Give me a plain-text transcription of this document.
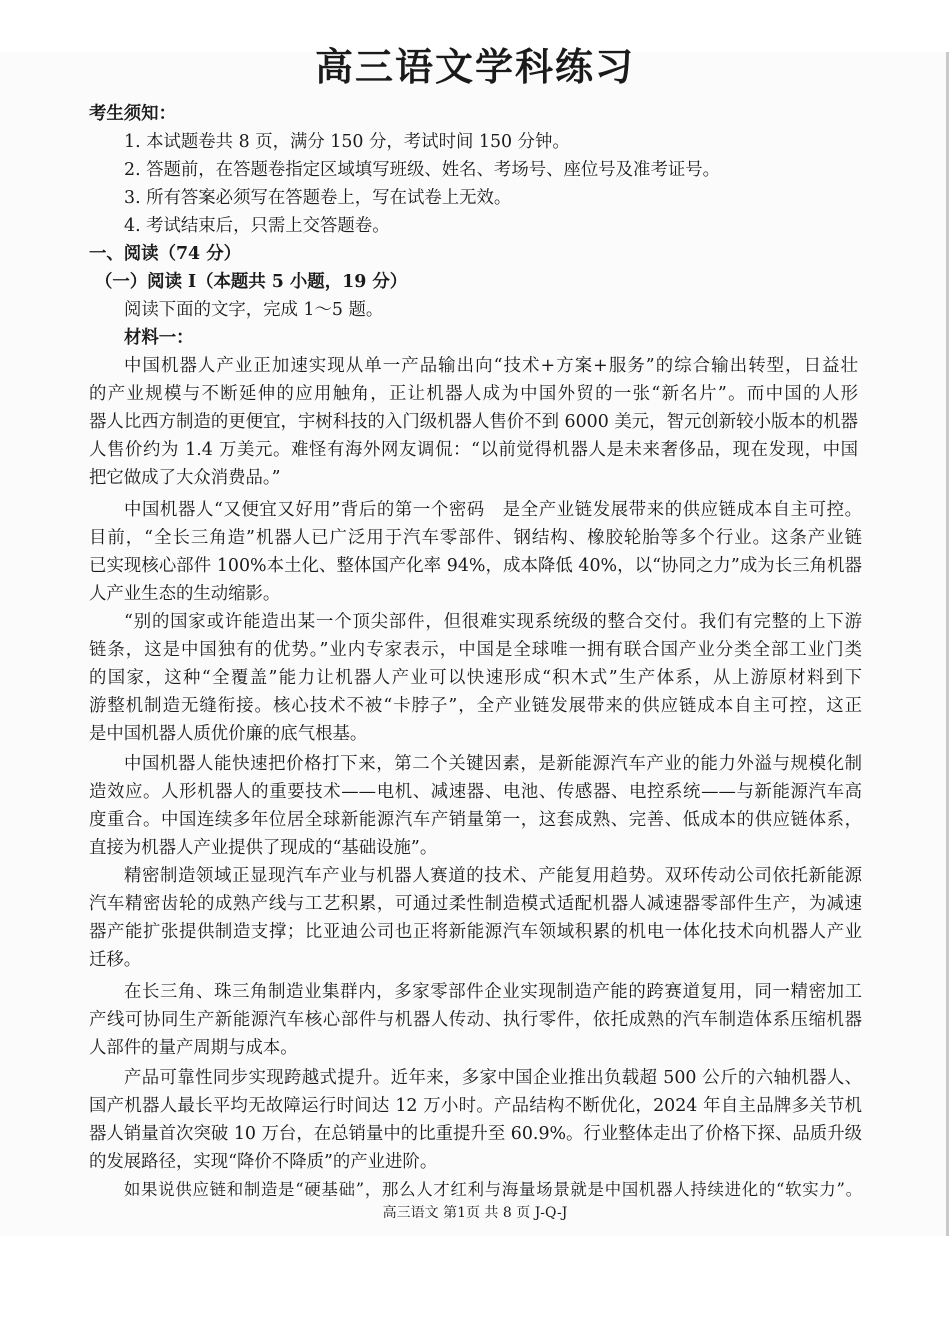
高三语文学科练习
考生须知：
1. 本试题卷共 8 页，满分 150 分，考试时间 150 分钟。
2. 答题前，在答题卷指定区域填写班级、姓名、考场号、座位号及准考证号。
3. 所有答案必须写在答题卷上，写在试卷上无效。
4. 考试结束后，只需上交答题卷。
一、阅读（74 分）
（一）阅读 I（本题共 5 小题，19 分）
阅读下面的文字，完成 1～5 题。
材料一：
中国机器人产业正加速实现从单一产品输出向“技术+方案+服务”的综合输出转型，日益壮
的产业规模与不断延伸的应用触角，正让机器人成为中国外贸的一张“新名片”。而中国的人形
器人比西方制造的更便宜，宇树科技的入门级机器人售价不到 6000 美元，智元创新较小版本的机器
人售价约为 1.4 万美元。难怪有海外网友调侃：“以前觉得机器人是未来奢侈品，现在发现，中国
把它做成了大众消费品。”
中国机器人“又便宜又好用”背后的第一个密码　是全产业链发展带来的供应链成本自主可控。
目前，“全长三角造”机器人已广泛用于汽车零部件、钢结构、橡胶轮胎等多个行业。这条产业链
已实现核心部件 100%本土化、整体国产化率 94%，成本降低 40%，以“协同之力”成为长三角机器
人产业生态的生动缩影。
“别的国家或许能造出某一个顶尖部件，但很难实现系统级的整合交付。我们有完整的上下游
链条，这是中国独有的优势。”业内专家表示，中国是全球唯一拥有联合国产业分类全部工业门类
的国家，这种“全覆盖”能力让机器人产业可以快速形成“积木式”生产体系，从上游原材料到下
游整机制造无缝衔接。核心技术不被“卡脖子”，全产业链发展带来的供应链成本自主可控，这正
是中国机器人质优价廉的底气根基。
中国机器人能快速把价格打下来，第二个关键因素，是新能源汽车产业的能力外溢与规模化制
造效应。人形机器人的重要技术——电机、减速器、电池、传感器、电控系统——与新能源汽车高
度重合。中国连续多年位居全球新能源汽车产销量第一，这套成熟、完善、低成本的供应链体系，
直接为机器人产业提供了现成的“基础设施”。
精密制造领域正显现汽车产业与机器人赛道的技术、产能复用趋势。双环传动公司依托新能源
汽车精密齿轮的成熟产线与工艺积累，可通过柔性制造模式适配机器人减速器零部件生产，为减速
器产能扩张提供制造支撑；比亚迪公司也正将新能源汽车领域积累的机电一体化技术向机器人产业
迁移。
在长三角、珠三角制造业集群内，多家零部件企业实现制造产能的跨赛道复用，同一精密加工
产线可协同生产新能源汽车核心部件与机器人传动、执行零件，依托成熟的汽车制造体系压缩机器
人部件的量产周期与成本。
产品可靠性同步实现跨越式提升。近年来，多家中国企业推出负载超 500 公斤的六轴机器人、
国产机器人最长平均无故障运行时间达 12 万小时。产品结构不断优化，2024 年自主品牌多关节机
器人销量首次突破 10 万台，在总销量中的比重提升至 60.9%。行业整体走出了价格下探、品质升级
的发展路径，实现“降价不降质”的产业进阶。
如果说供应链和制造是“硬基础”，那么人才红利与海量场景就是中国机器人持续进化的“软实力”。
高三语文 第1页 共 8 页 J-Q-J
